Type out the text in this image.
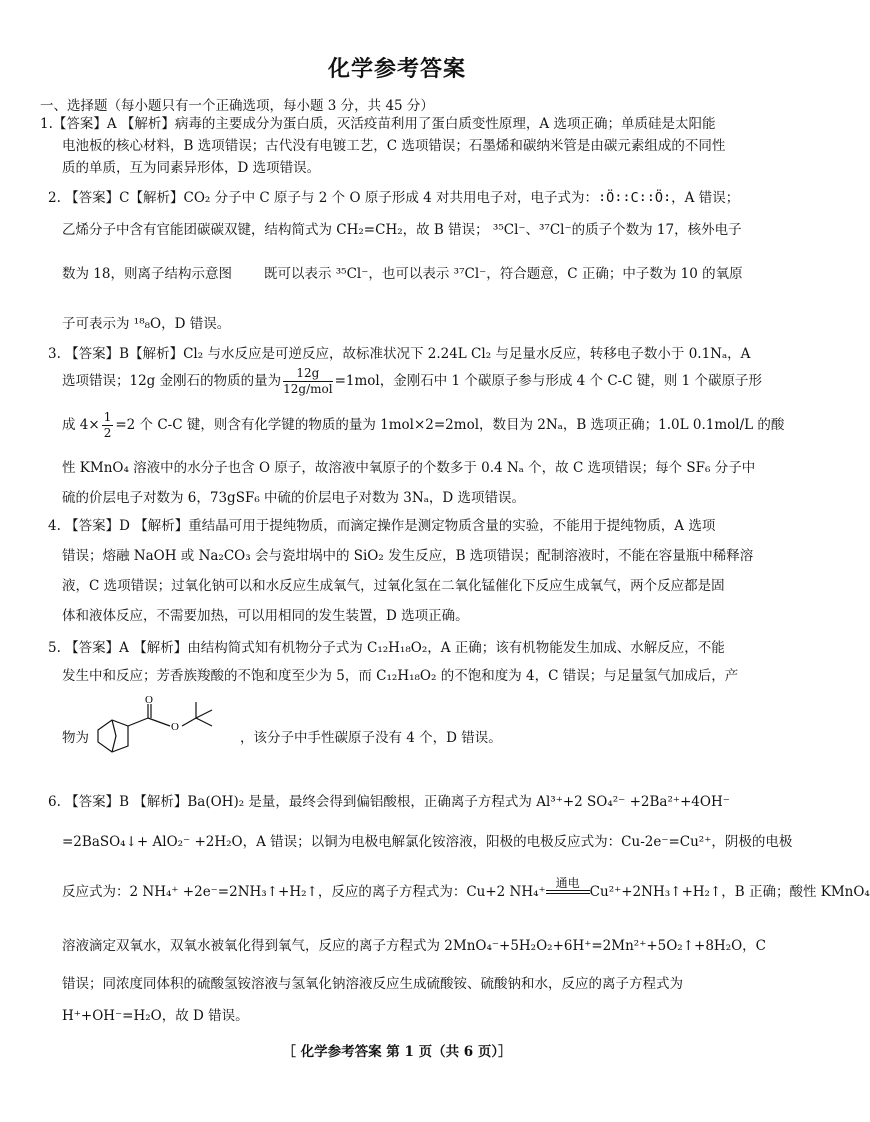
化学参考答案
一、选择题（每小题只有一个正确选项，每小题 3 分，共 45 分）
1.【答案】A 【解析】病毒的主要成分为蛋白质，灭活疫苗利用了蛋白质变性原理，A 选项正确；单质硅是太阳能
电池板的核心材料，B 选项错误；古代没有电镀工艺，C 选项错误；石墨烯和碳纳米管是由碳元素组成的不同性
质的单质，互为同素异形体，D 选项错误。
2. 【答案】C【解析】CO₂ 分子中 C 原子与 2 个 O 原子形成 4 对共用电子对，电子式为：∶Ö∶∶C∶∶Ö∶，A 错误；
乙烯分子中含有官能团碳碳双键，结构简式为 CH₂=CH₂，故 B 错误； ³⁵Cl⁻、³⁷Cl⁻的质子个数为 17，核外电子
数为 18，则离子结构示意图 既可以表示 ³⁵Cl⁻，也可以表示 ³⁷Cl⁻，符合题意，C 正确；中子数为 10 的氧原
子可表示为 ¹⁸₈O，D 错误。
3. 【答案】B【解析】Cl₂ 与水反应是可逆反应，故标准状况下 2.24L Cl₂ 与足量水反应，转移电子数小于 0.1Nₐ，A
选项错误；12g 金刚石的物质的量为 $\frac{12g}{\text{12g/mol}} =1mol$，金刚石中 1 个碳原子参与形成 4 个 C-C 键，则 1 个碳原子形
成 $4\times \frac{1}{2} =2$ 个 C-C 键，则含有化学键的物质的量为 1mol×2=2mol，数目为 2Nₐ，B 选项正确；1.0L 0.1mol/L 的酸
性 KMnO₄ 溶液中的水分子也含 O 原子，故溶液中氧原子的个数多于 0.4 Nₐ 个，故 C 选项错误；每个 SF₆ 分子中
硫的价层电子对数为 6，73gSF₆ 中硫的价层电子对数为 3Nₐ，D 选项错误。
4. 【答案】D 【解析】重结晶可用于提纯物质，而滴定操作是测定物质含量的实验，不能用于提纯物质，A 选项
错误；熔融 NaOH 或 Na₂CO₃ 会与瓷坩埚中的 SiO₂ 发生反应，B 选项错误；配制溶液时，不能在容量瓶中稀释溶
液，C 选项错误；过氧化钠可以和水反应生成氧气，过氧化氢在二氧化锰催化下反应生成氧气，两个反应都是固
体和液体反应，不需要加热，可以用相同的发生装置，D 选项正确。
5. 【答案】A 【解析】由结构简式知有机物分子式为 C₁₂H₁₈O₂，A 正确；该有机物能发生加成、水解反应，不能
发生中和反应；芳香族羧酸的不饱和度至少为 5，而 C₁₂H₁₈O₂ 的不饱和度为 4，C 错误；与足量氢气加成后，产
物为
O
O
，该分子中手性碳原子没有 4 个，D 错误。
6. 【答案】B 【解析】Ba(OH)₂ 是量，最终会得到偏铝酸根，正确离子方程式为 Al³⁺+2 SO₄²⁻ +2Ba²⁺+4OH⁻
=2BaSO₄↓+ AlO₂⁻ +2H₂O，A 错误；以铜为电极电解氯化铵溶液，阳极的电极反应式为：Cu-2e⁻=Cu²⁺，阴极的电极
反应式为：2 NH₄⁺ +2e⁻=2NH₃↑+H₂↑，反应的离子方程式为：Cu+2 NH₄⁺
通电
Cu²⁺+2NH₃↑+H₂↑，B 正确；酸性 KMnO₄
溶液滴定双氧水，双氧水被氧化得到氧气，反应的离子方程式为 2MnO₄⁻+5H₂O₂+6H⁺=2Mn²⁺+5O₂↑+8H₂O，C
错误；同浓度同体积的硫酸氢铵溶液与氢氧化钠溶液反应生成硫酸铵、硫酸钠和水，反应的离子方程式为
H⁺+OH⁻=H₂O，故 D 错误。
［ 化学参考答案 第 1 页（共 6 页）］
